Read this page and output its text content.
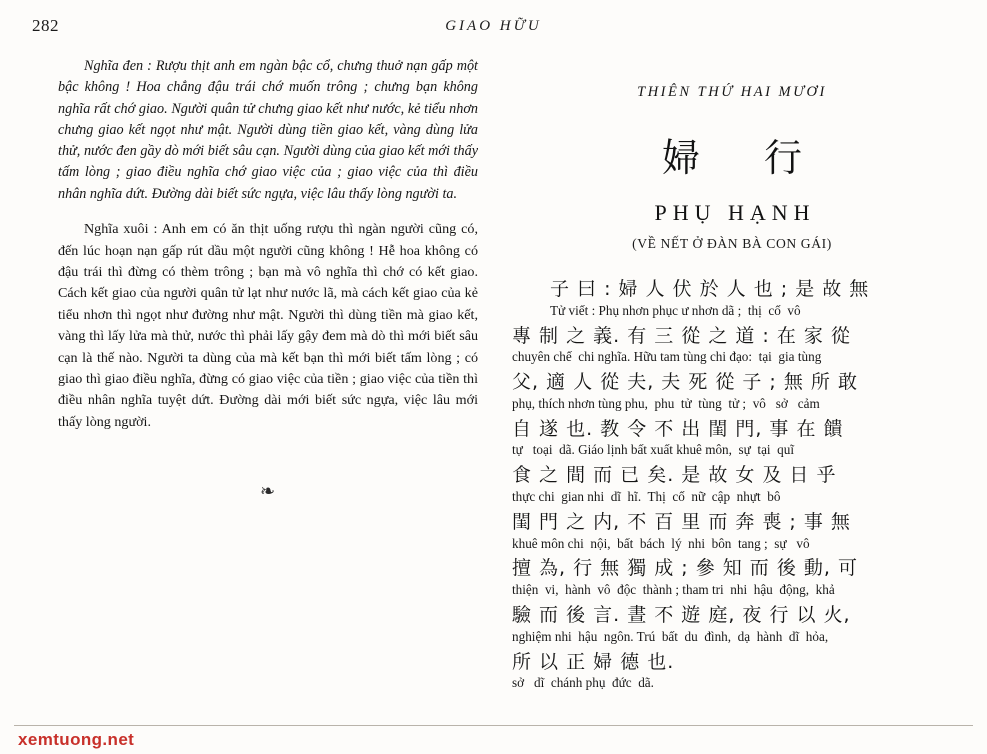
282	GIAO HỮU

Nghĩa đen : Rượu thịt anh em ngàn bậc cổ, chưng thuở nạn gấp một bậc không ! Hoa chẳng đậu trái chớ muốn trông ; chưng bạn không nghĩa rất chớ giao. Người quân tử chưng giao kết như nước, kẻ tiểu nhơn chưng giao kết ngọt như mật. Người dùng tiền giao kết, vàng dùng lửa thử, nước đen gầy dò mới biết sâu cạn. Người dùng của giao kết mới thấy tấm lòng ; giao điều nghĩa chớ giao việc của ; giao việc của thì điều nhân nghĩa dứt. Đường dài biết sức ngựa, việc lâu thấy lòng người ta.

Nghĩa xuôi : Anh em có ăn thịt uống rượu thì ngàn người cũng có, đến lúc hoạn nạn gấp rút dầu một người cũng không ! Hễ hoa không có đậu trái thì đừng có thèm trông ; bạn mà vô nghĩa thì chớ có kết giao. Cách kết giao của người quân tử lạt như nước lã, mà cách kết giao của kẻ tiểu nhơn thì ngọt như đường như mật. Người thì dùng tiền mà giao kết, vàng thì lấy lửa mà thử, nước thì phải lấy gậy đem mà dò thì mới biết sâu cạn là thế nào. Người ta dùng của mà kết bạn thì mới biết tấm lòng ; có giao thì giao điều nghĩa, đừng có giao việc của tiền ; giao việc của tiền thì điều nhân nghĩa tuyệt dứt. Đường dài mới biết sức ngựa, việc lâu mới thấy lòng người.

❧
THIÊN THỨ HAI MƯƠI
婦 行
PHỤ HẠNH
(VỀ NẾT Ở ĐÀN BÀ CON GÁI)
子 曰 : 婦 人 伏 於 人 也 ; 是 故 無
Tử viết : Phụ nhơn phục ư nhơn dã ;  thị  cố  vô
專 制 之 義. 有 三 從 之 道 : 在 家 從
chuyên chế  chi nghĩa. Hữu tam tùng chi đạo:  tại  gia tùng
父, 適 人 從 夫, 夫 死 從 子 ; 無 所 敢
phụ, thích nhơn tùng phu,  phu  tử  tùng  tử ;  vô   sở   cảm
自 遂 也. 教 令 不 出 閨 門, 事 在 饋
tự   toại  dã. Giáo lịnh bất xuất khuê môn,  sự  tại  quĩ
食 之 間 而 已 矣. 是 故 女 及 日 乎
thực chi  gian nhi  dĩ  hĩ.  Thị  cố  nữ  cập  nhựt  bô
閨 門 之 内, 不 百 里 而 奔 喪 ; 事 無
khuê môn chi  nội,  bất  bách  lý  nhi  bôn  tang ;  sự   vô
擅 為, 行 無 獨 成 ; 參 知 而 後 動, 可
thiện  vi,  hành  vô  độc  thành ; tham tri  nhi  hậu  động,  khả
驗 而 後 言. 晝 不 遊 庭, 夜 行 以 火,
nghiệm nhi  hậu  ngôn. Trú  bất  du  đình,  dạ  hành  dĩ  hỏa,
所 以 正 婦 德 也.
sở   dĩ  chánh phụ  đức  dã.
xemtuong.net
